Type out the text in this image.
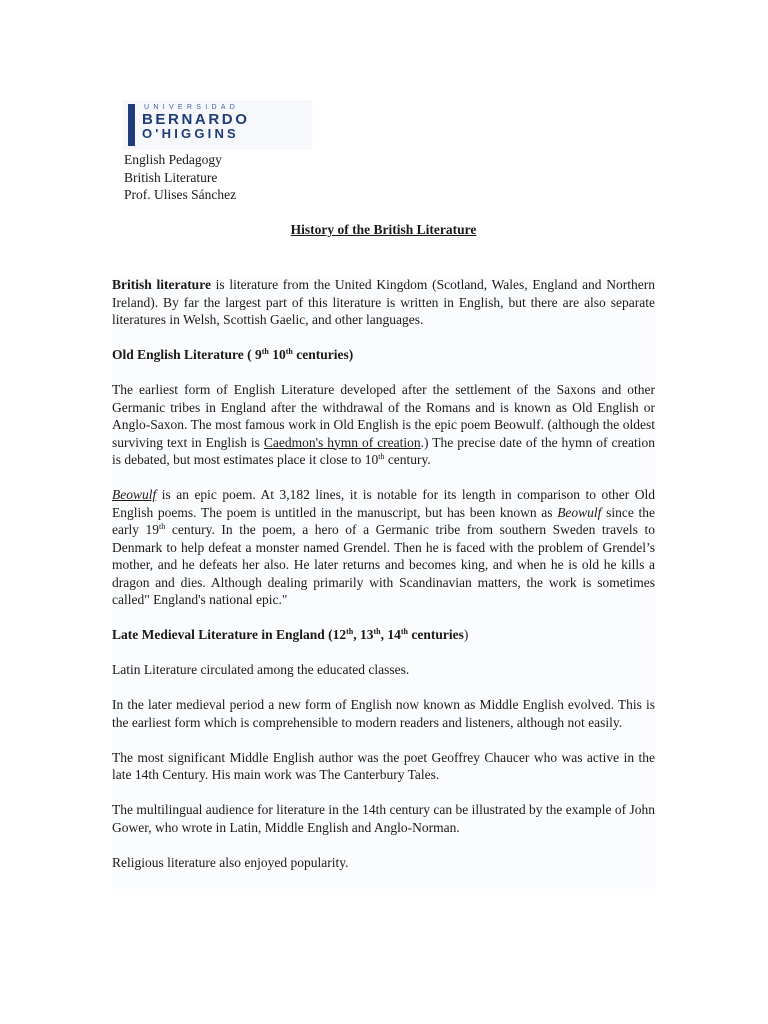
UNIVERSIDAD
BERNARDO
O'HIGGINS
English Pedagogy
British Literature
Prof. Ulises Sánchez
History of the British Literature

British literature is literature from the United Kingdom (Scotland, Wales, England and Northern Ireland). By far the largest part of this literature is written in English, but there are also separate literatures in Welsh, Scottish Gaelic, and other languages.

Old English Literature ( 9th 10th centuries)

The earliest form of English Literature developed after the settlement of the Saxons and other Germanic tribes in England after the withdrawal of the Romans and is known as Old English or Anglo-Saxon. The most famous work in Old English is the epic poem Beowulf. (although the oldest surviving text in English is Caedmon's hymn of creation.) The precise date of the hymn of creation is debated, but most estimates place it close to 10th century.

Beowulf is an epic poem. At 3,182 lines, it is notable for its length in comparison to other Old English poems. The poem is untitled in the manuscript, but has been known as Beowulf since the early 19th century. In the poem, a hero of a Germanic tribe from southern Sweden travels to Denmark to help defeat a monster named Grendel. Then he is faced with the problem of Grendel’s mother, and he defeats her also. He later returns and becomes king, and when he is old he kills a dragon and dies. Although dealing primarily with Scandinavian matters, the work is sometimes called" England's national epic."

Late Medieval Literature in England (12th, 13th, 14th centuries)

Latin Literature circulated among the educated classes.

In the later medieval period a new form of English now known as Middle English evolved. This is the earliest form which is comprehensible to modern readers and listeners, although not easily.

The most significant Middle English author was the poet Geoffrey Chaucer who was active in the late 14th Century. His main work was The Canterbury Tales.

The multilingual audience for literature in the 14th century can be illustrated by the example of John Gower, who wrote in Latin, Middle English and Anglo-Norman.

Religious literature also enjoyed popularity.
